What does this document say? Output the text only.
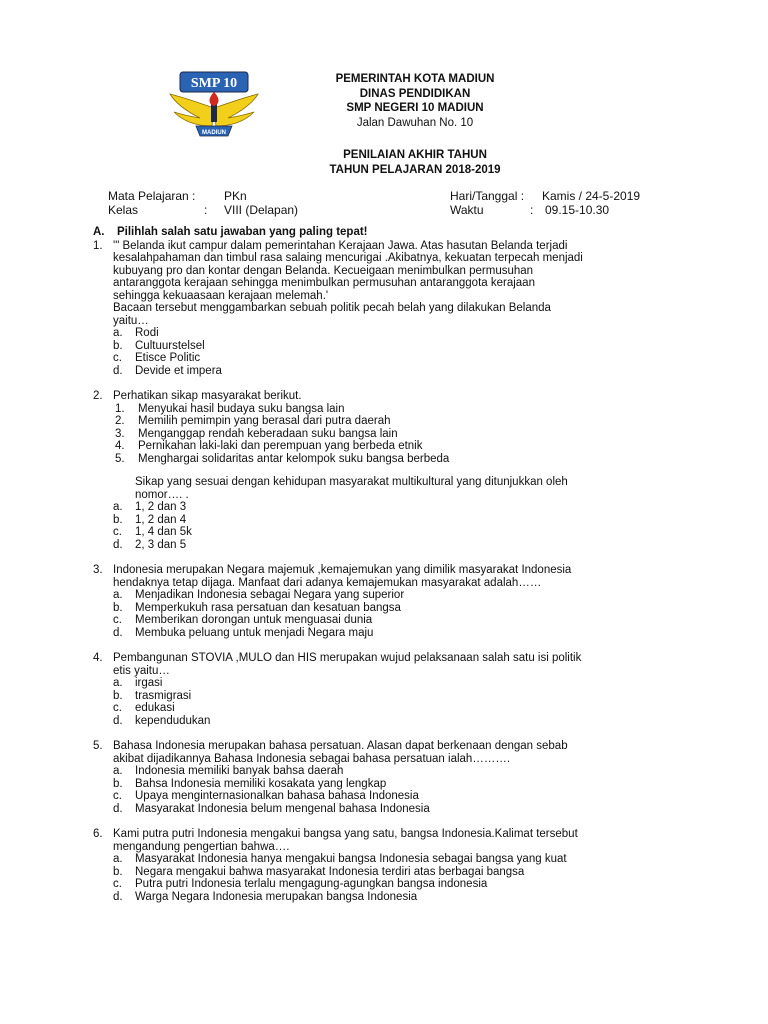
SMP 10
MADIUN
PEMERINTAH KOTA MADIUN
DINAS PENDIDIKAN
SMP NEGERI 10 MADIUN
Jalan Dawuhan No. 10
PENILAIAN AKHIR TAHUN
TAHUN PELAJARAN 2018-2019
Mata Pelajaran : PKn	Hari/Tanggal : Kamis / 24-5-2019
Kelas	: VIII (Delapan)	Waktu	: 09.15-10.30
A.	Pilihlah salah satu jawaban yang paling tepat!
1. '" Belanda ikut campur dalam pemerintahan Kerajaan Jawa. Atas hasutan Belanda terjadi

kesalahpahaman dan timbul rasa salaing mencurigai .Akibatnya, kekuatan terpecah menjadi

kubuyang pro dan kontar dengan Belanda. Kecueigaan menimbulkan permusuhan

antaranggota kerajaan sehingga menimbulkan permusuhan antaranggota kerajaan

sehingga kekuaasaan kerajaan melemah.'

Bacaan tersebut menggambarkan sebuah politik pecah belah yang dilakukan Belanda

yaitu…

a.	Rodi
b.	Cultuurstelsel
c.	Etisce Politic
d.	Devide et impera
2. Perhatikan sikap masyarakat berikut.

1.	Menyukai hasil budaya suku bangsa lain
2.	Memilih pemimpin yang berasal dari putra daerah
3.	Menganggap rendah keberadaan suku bangsa lain
4.	Pernikahan laki-laki dan perempuan yang berbeda etnik
5.	Menghargai solidaritas antar kelompok suku bangsa berbeda

Sikap yang sesuai dengan kehidupan masyarakat multikultural yang ditunjukkan oleh

nomor…. .

a.	1, 2 dan 3
b.	1, 2 dan 4
c.	1, 4 dan 5k
d.	2, 3 dan 5
3. Indonesia merupakan Negara majemuk ,kemajemukan yang dimilik masyarakat Indonesia

hendaknya tetap dijaga. Manfaat dari adanya kemajemukan masyarakat adalah……

a.	Menjadikan Indonesia sebagai Negara yang superior
b.	Memperkukuh rasa persatuan dan kesatuan bangsa
c.	Memberikan dorongan untuk menguasai dunia
d.	Membuka peluang untuk menjadi Negara maju
4. Pembangunan STOVIA ,MULO dan HIS merupakan wujud pelaksanaan salah satu isi politik

etis yaitu…

a.	irgasi
b.	trasmigrasi
c.	edukasi
d.	kependudukan
5. Bahasa Indonesia merupakan bahasa persatuan. Alasan dapat berkenaan dengan sebab

akibat dijadikannya Bahasa Indonesia sebagai bahasa persatuan ialah……….

a.	Indonesia memiliki banyak bahsa daerah
b.	Bahsa Indonesia memiliki kosakata yang lengkap
c.	Upaya menginternasionalkan bahasa bahasa Indonesia
d.	Masyarakat Indonesia belum mengenal bahasa Indonesia
6. Kami putra putri Indonesia mengakui bangsa yang satu, bangsa Indonesia.Kalimat tersebut

mengandung pengertian bahwa….

a.	Masyarakat Indonesia hanya mengakui bangsa Indonesia sebagai bangsa yang kuat
b.	Negara mengakui bahwa masyarakat Indonesia terdiri atas berbagai bangsa
c.	Putra putri Indonesia terlalu mengagung-agungkan bangsa indonesia
d.	Warga Negara Indonesia merupakan bangsa Indonesia
